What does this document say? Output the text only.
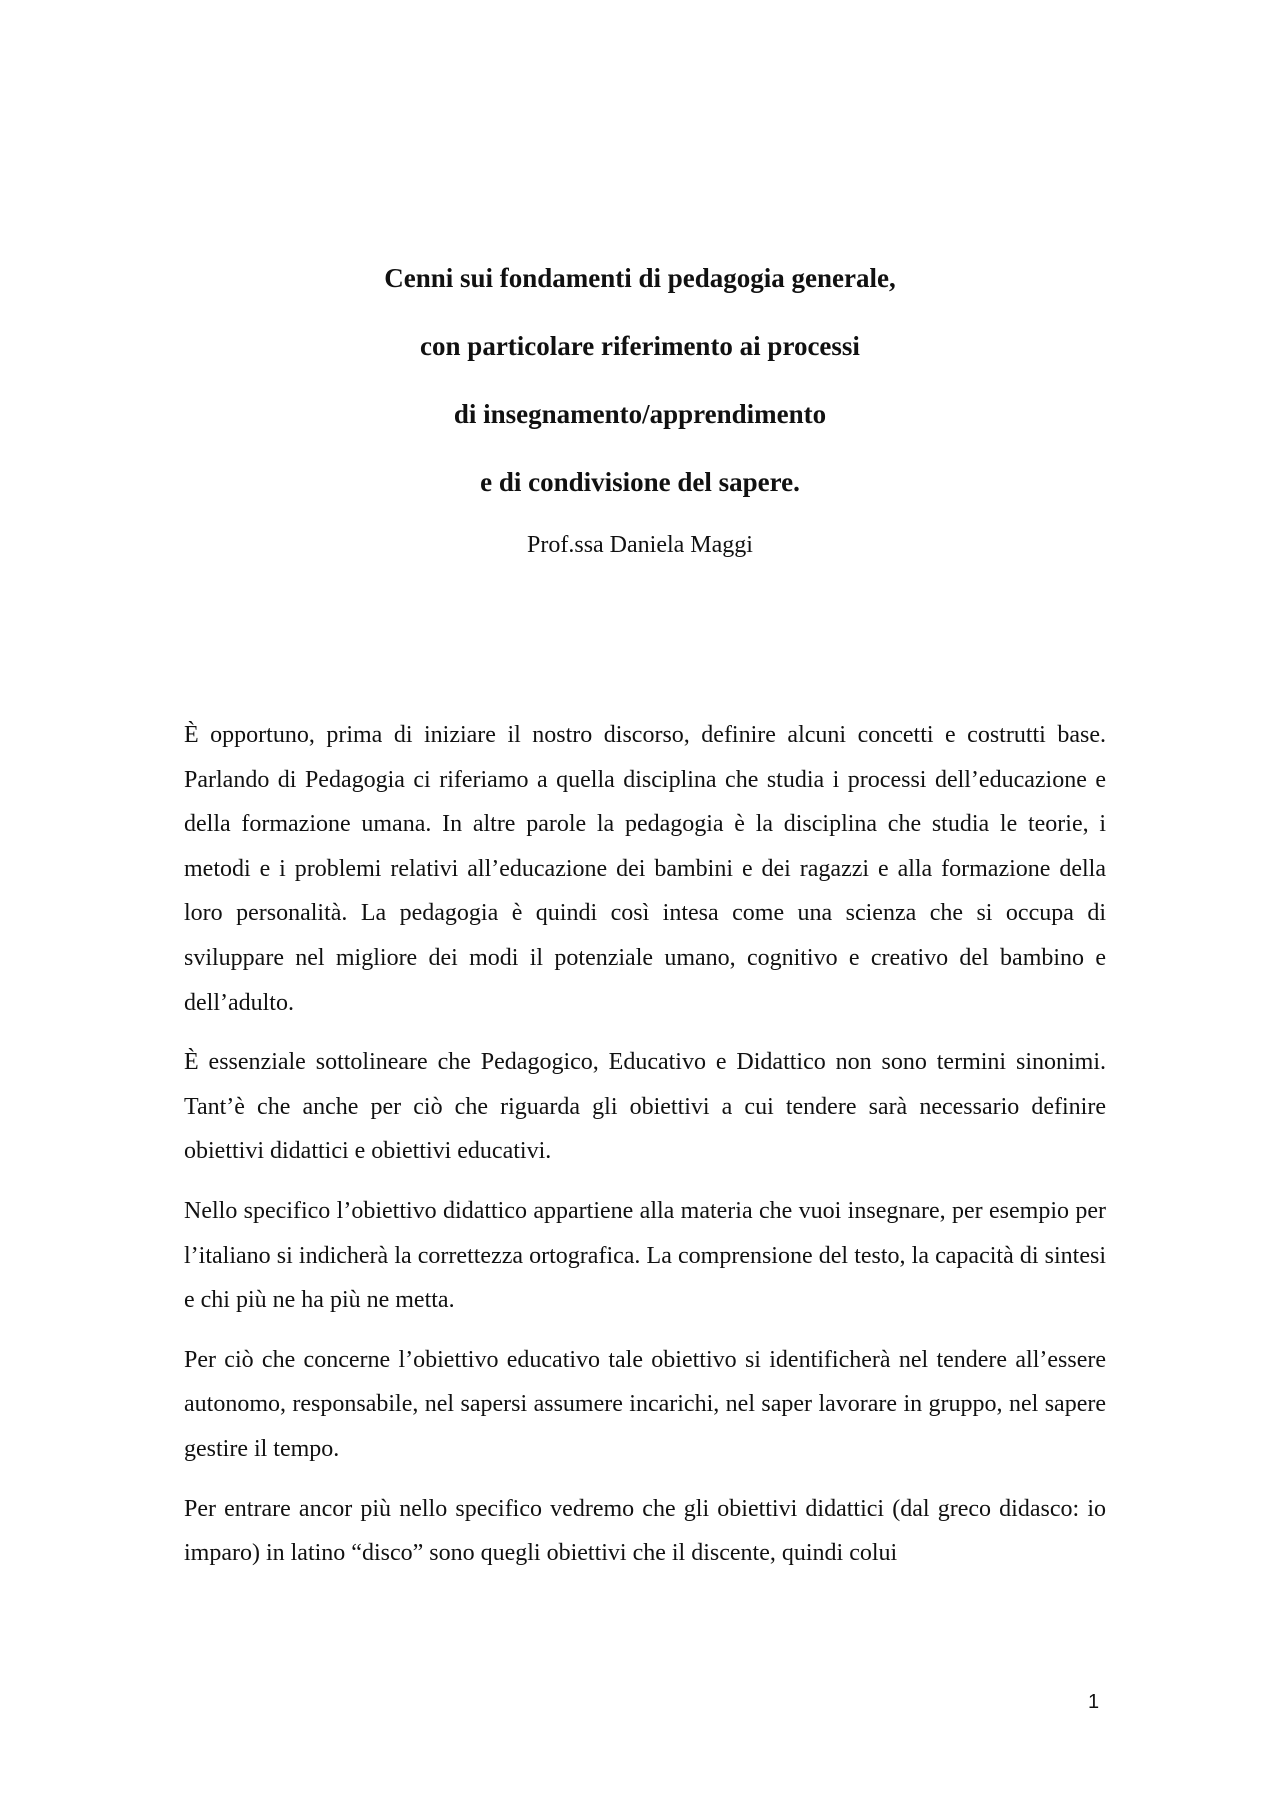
Cenni sui fondamenti di pedagogia generale,
con particolare riferimento ai processi
di insegnamento/apprendimento
e di condivisione del sapere.
Prof.ssa Daniela Maggi

È opportuno, prima di iniziare il nostro discorso, definire alcuni concetti e costrutti base. Parlando di Pedagogia ci riferiamo a quella disciplina che studia i processi dell’educazione e della formazione umana. In altre parole la pedagogia è la disciplina che studia le teorie, i metodi e i problemi relativi all’educazione dei bambini e dei ragazzi e alla formazione della loro personalità. La pedagogia è quindi così intesa come una scienza che si occupa di sviluppare nel migliore dei modi il potenziale umano, cognitivo e creativo del bambino e dell’adulto.

È essenziale sottolineare che Pedagogico, Educativo e Didattico non sono termini sinonimi. Tant’è che anche per ciò che riguarda gli obiettivi a cui tendere sarà necessario definire obiettivi didattici e obiettivi educativi.

Nello specifico l’obiettivo didattico appartiene alla materia che vuoi insegnare, per esempio per l’italiano si indicherà la correttezza ortografica. La comprensione del testo, la capacità di sintesi e chi più ne ha più ne metta.

Per ciò che concerne l’obiettivo educativo tale obiettivo si identificherà nel tendere all’essere autonomo, responsabile, nel sapersi assumere incarichi, nel saper lavorare in gruppo, nel sapere gestire il tempo.

Per entrare ancor più nello specifico vedremo che gli obiettivi didattici (dal greco didasco: io imparo) in latino “disco” sono quegli obiettivi che il discente, quindi colui

1
